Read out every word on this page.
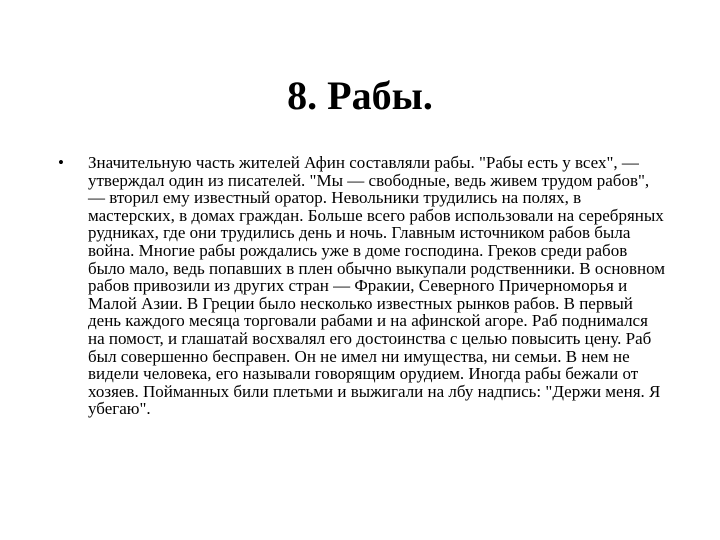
8. Рабы.
• Значительную часть жителей Афин составляли рабы. "Рабы есть у всех", — утверждал один из писателей. "Мы — свободные, ведь живем трудом рабов", — вторил ему известный оратор. Невольники трудились на полях, в мастерских, в домах граждан. Больше всего рабов использовали на серебряных рудниках, где они трудились день и ночь. Главным источником рабов была война. Многие рабы рождались уже в доме господина. Греков среди рабов было мало, ведь попавших в плен обычно выкупали родственники. В основном рабов привозили из других стран — Фракии, Северного Причерноморья и Малой Азии. В Греции было несколько известных рынков рабов. В первый день каждого месяца торговали рабами и на афинской агоре. Раб поднимался на помост, и глашатай восхвалял его достоинства с целью повысить цену. Раб был совершенно бесправен. Он не имел ни имущества, ни семьи. В нем не видели человека, его называли говорящим орудием. Иногда рабы бежали от хозяев. Пойманных били плетьми и выжигали на лбу надпись: "Держи меня. Я убегаю".
